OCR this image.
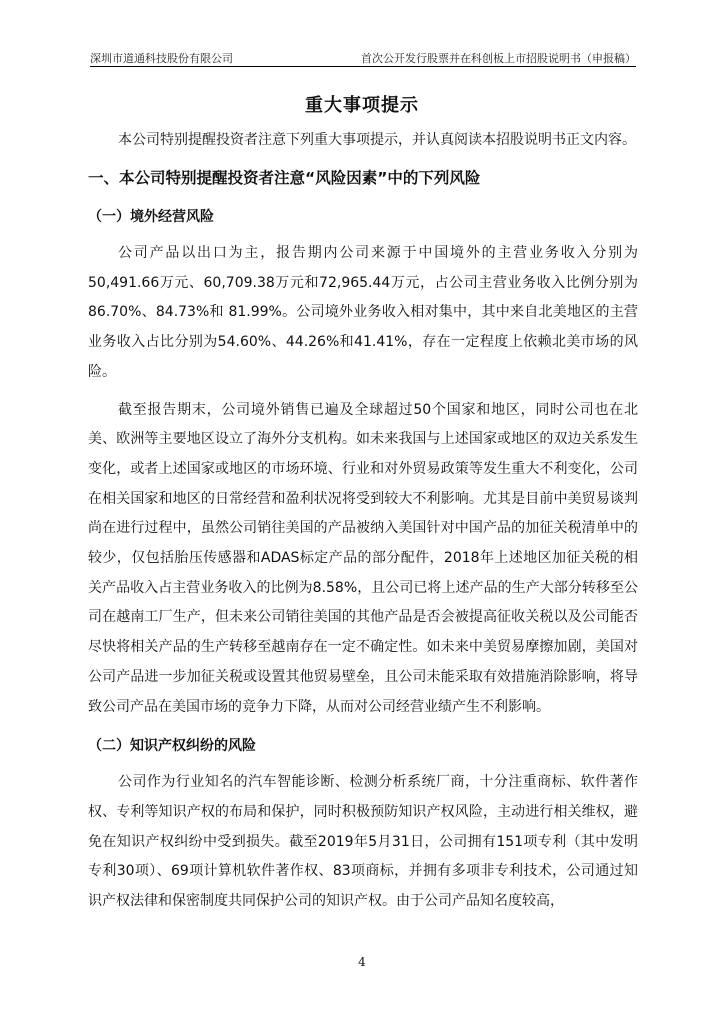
深圳市道通科技股份有限公司	首次公开发行股票并在科创板上市招股说明书（申报稿）
重大事项提示

本公司特别提醒投资者注意下列重大事项提示，并认真阅读本招股说明书正文内容。

一、本公司特别提醒投资者注意“风险因素”中的下列风险
（一）境外经营风险

公司产品以出口为主，报告期内公司来源于中国境外的主营业务收入分别为50,491.66万元、60,709.38万元和72,965.44万元，占公司主营业务收入比例分别为86.70%、84.73%和 81.99%。公司境外业务收入相对集中，其中来自北美地区的主营业务收入占比分别为54.60%、44.26%和41.41%，存在一定程度上依赖北美市场的风险。

截至报告期末，公司境外销售已遍及全球超过50个国家和地区，同时公司也在北美、欧洲等主要地区设立了海外分支机构。如未来我国与上述国家或地区的双边关系发生变化，或者上述国家或地区的市场环境、行业和对外贸易政策等发生重大不利变化，公司在相关国家和地区的日常经营和盈利状况将受到较大不利影响。尤其是目前中美贸易谈判尚在进行过程中，虽然公司销往美国的产品被纳入美国针对中国产品的加征关税清单中的较少，仅包括胎压传感器和ADAS标定产品的部分配件，2018年上述地区加征关税的相关产品收入占主营业务收入的比例为8.58%，且公司已将上述产品的生产大部分转移至公司在越南工厂生产，但未来公司销往美国的其他产品是否会被提高征收关税以及公司能否尽快将相关产品的生产转移至越南存在一定不确定性。如未来中美贸易摩擦加剧，美国对公司产品进一步加征关税或设置其他贸易壁垒，且公司未能采取有效措施消除影响，将导致公司产品在美国市场的竞争力下降，从而对公司经营业绩产生不利影响。

（二）知识产权纠纷的风险

公司作为行业知名的汽车智能诊断、检测分析系统厂商，十分注重商标、软件著作权、专利等知识产权的布局和保护，同时积极预防知识产权风险，主动进行相关维权，避免在知识产权纠纷中受到损失。截至2019年5月31日，公司拥有151项专利（其中发明专利30项）、69项计算机软件著作权、83项商标，并拥有多项非专利技术，公司通过知识产权法律和保密制度共同保护公司的知识产权。由于公司产品知名度较高，

4
